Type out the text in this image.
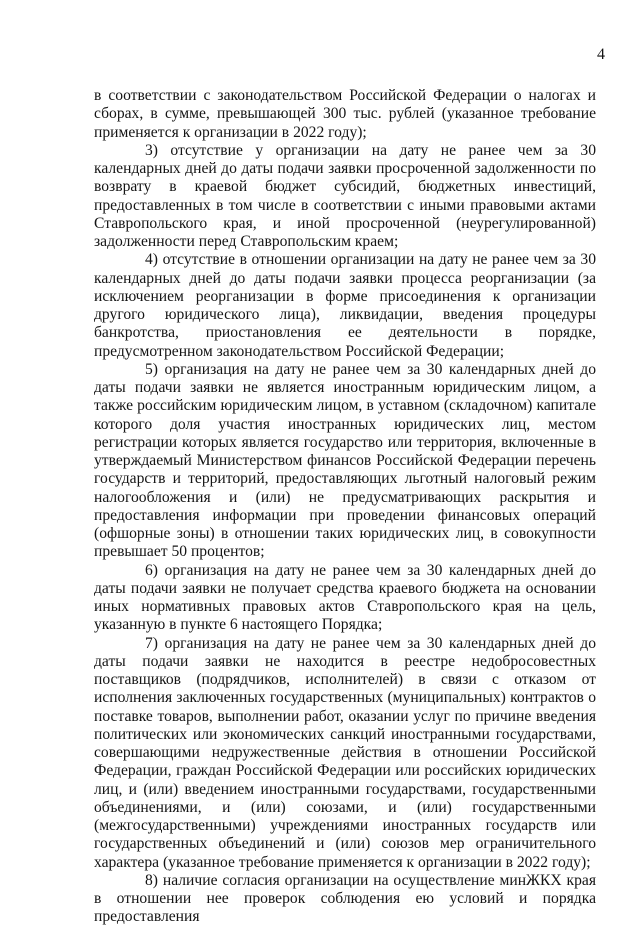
4

в соответствии с законодательством Российской Федерации о налогах и сборах, в сумме, превышающей 300 тыс. рублей (указанное требование применяется к организации в 2022 году);

3) отсутствие у организации на дату не ранее чем за 30 календарных дней до даты подачи заявки просроченной задолженности по возврату в краевой бюджет субсидий, бюджетных инвестиций, предоставленных в том числе в соответствии с иными правовыми актами Ставропольского края, и иной просроченной (неурегулированной) задолженности перед Ставропольским краем;

4) отсутствие в отношении организации на дату не ранее чем за 30 календарных дней до даты подачи заявки процесса реорганизации (за исключением реорганизации в форме присоединения к организации другого юридического лица), ликвидации, введения процедуры банкротства, приостановления ее деятельности в порядке, предусмотренном законодательством Российской Федерации;

5) организация на дату не ранее чем за 30 календарных дней до даты подачи заявки не является иностранным юридическим лицом, а также российским юридическим лицом, в уставном (складочном) капитале которого доля участия иностранных юридических лиц, местом регистрации которых является государство или территория, включенные в утверждаемый Министерством финансов Российской Федерации перечень государств и территорий, предоставляющих льготный налоговый режим налогообложения и (или) не предусматривающих раскрытия и предоставления информации при проведении финансовых операций (офшорные зоны) в отношении таких юридических лиц, в совокупности превышает 50 процентов;

6) организация на дату не ранее чем за 30 календарных дней до даты подачи заявки не получает средства краевого бюджета на основании иных нормативных правовых актов Ставропольского края на цель, указанную в пункте 6 настоящего Порядка;

7) организация на дату не ранее чем за 30 календарных дней до даты подачи заявки не находится в реестре недобросовестных поставщиков (подрядчиков, исполнителей) в связи с отказом от исполнения заключенных государственных (муниципальных) контрактов о поставке товаров, выполнении работ, оказании услуг по причине введения политических или экономических санкций иностранными государствами, совершающими недружественные действия в отношении Российской Федерации, граждан Российской Федерации или российских юридических лиц, и (или) введением иностранными государствами, государственными объединениями, и (или) союзами, и (или) государственными (межгосударственными) учреждениями иностранных государств или государственных объединений и (или) союзов мер ограничительного характера (указанное требование применяется к организации в 2022 году);

8) наличие согласия организации на осуществление минЖКХ края в отношении нее проверок соблюдения ею условий и порядка предоставления
